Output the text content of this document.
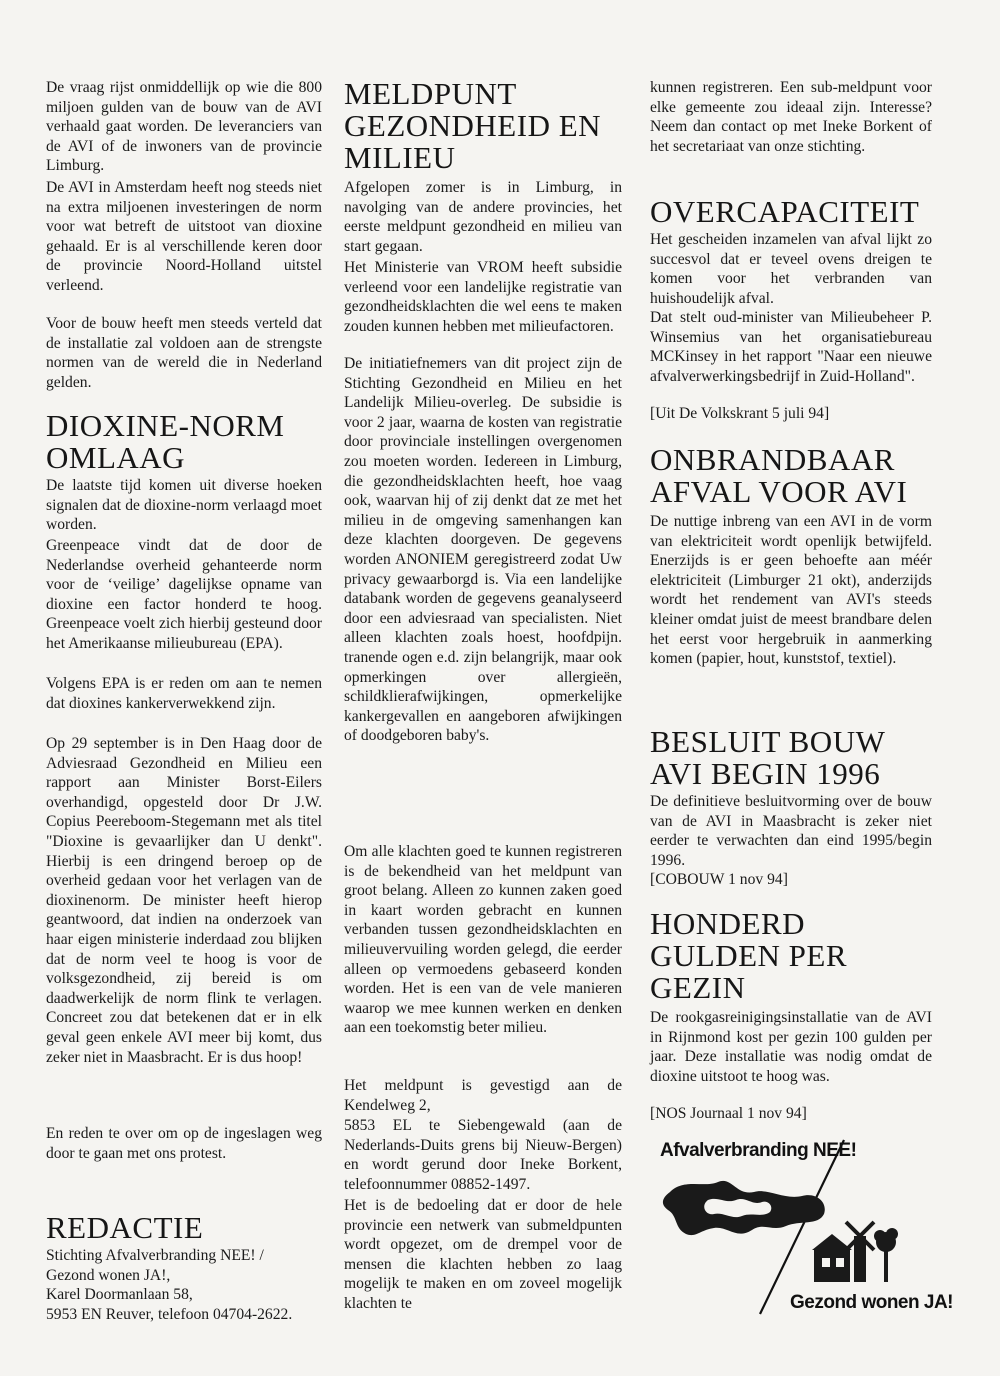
De vraag rijst onmiddellijk op wie die 800 miljoen gulden van de bouw van de AVI verhaald gaat worden. De leveranciers van de AVI of de inwoners van de provincie Limburg.

De AVI in Amsterdam heeft nog steeds niet na extra miljoenen investeringen de norm voor wat betreft de uitstoot van dioxine gehaald. Er is al verschillende keren door de provincie Noord-Holland uitstel verleend.

Voor de bouw heeft men steeds verteld dat de installatie zal voldoen aan de strengste normen van de wereld die in Nederland gelden.

DIOXINE-NORM
OMLAAG

De laatste tijd komen uit diverse hoeken signalen dat de dioxine-norm verlaagd moet worden.

Greenpeace vindt dat de door de Nederlandse overheid gehanteerde norm voor de ‘veilige’ dagelijkse opname van dioxine een factor honderd te hoog. Greenpeace voelt zich hierbij gesteund door het Amerikaanse milieubureau (EPA).

Volgens EPA is er reden om aan te nemen dat dioxines kankerverwekkend zijn.

Op 29 september is in Den Haag door de Adviesraad Gezondheid en Milieu een rapport aan Minister Borst-Eilers overhandigd, opgesteld door Dr J.W. Copius Peereboom-Stegemann met als titel "Dioxine is gevaarlijker dan U denkt". Hierbij is een dringend beroep op de overheid gedaan voor het verlagen van de dioxinenorm. De minister heeft hierop geantwoord, dat indien na onderzoek van haar eigen ministerie inderdaad zou blijken dat de norm veel te hoog is voor de volksgezondheid, zij bereid is om daadwerkelijk de norm flink te verlagen. Concreet zou dat betekenen dat er in elk geval geen enkele AVI meer bij komt, dus zeker niet in Maasbracht. Er is dus hoop!

En reden te over om op de ingeslagen weg door te gaan met ons protest.

REDACTIE

Stichting Afvalverbranding NEE! /

Gezond wonen JA!,

Karel Doormanlaan 58,

5953 EN Reuver, telefoon 04704-2622.

MELDPUNT
GEZONDHEID EN
MILIEU

Afgelopen zomer is in Limburg, in navolging van de andere provincies, het eerste meldpunt gezondheid en milieu van start gegaan.

Het Ministerie van VROM heeft subsidie verleend voor een landelijke registratie van gezondheidsklachten die wel eens te maken zouden kunnen hebben met milieufactoren.

De initiatiefnemers van dit project zijn de Stichting Gezondheid en Milieu en het Landelijk Milieu-overleg. De subsidie is voor 2 jaar, waarna de kosten van registratie door provinciale instellingen overgenomen zou moeten worden. Iedereen in Limburg, die gezondheidsklachten heeft, hoe vaag ook, waarvan hij of zij denkt dat ze met het milieu in de omgeving samenhangen kan deze klachten doorgeven. De gegevens worden ANONIEM geregistreerd zodat Uw privacy gewaarborgd is. Via een landelijke databank worden de gegevens geanalyseerd door een adviesraad van specialisten. Niet alleen klachten zoals hoest, hoofdpijn. tranende ogen e.d. zijn belangrijk, maar ook opmerkingen over allergieën, schildklierafwijkingen, opmerkelijke kankergevallen en aangeboren afwijkingen of doodgeboren baby's.

Om alle klachten goed te kunnen registreren is de bekendheid van het meldpunt van groot belang. Alleen zo kunnen zaken goed in kaart worden gebracht en kunnen verbanden tussen gezondheidsklachten en milieuvervuiling worden gelegd, die eerder alleen op vermoedens gebaseerd konden worden. Het is een van de vele manieren waarop we mee kunnen werken en denken aan een toekomstig beter milieu.

Het meldpunt is gevestigd aan de Kendelweg 2,

5853 EL te Siebengewald (aan de Nederlands-Duits grens bij Nieuw-Bergen) en wordt gerund door Ineke Borkent, telefoonnummer 08852-1497.

Het is de bedoeling dat er door de hele provincie een netwerk van submeldpunten wordt opgezet, om de drempel voor de mensen die klachten hebben zo laag mogelijk te maken en om zoveel mogelijk klachten te

kunnen registreren. Een sub-meldpunt voor elke gemeente zou ideaal zijn. Interesse? Neem dan contact op met Ineke Borkent of het secretariaat van onze stichting.

OVERCAPACITEIT

Het gescheiden inzamelen van afval lijkt zo succesvol dat er teveel ovens dreigen te komen voor het verbranden van huishoudelijk afval.

Dat stelt oud-minister van Milieubeheer P. Winsemius van het organisatiebureau MCKinsey in het rapport "Naar een nieuwe afvalverwerkingsbedrijf in Zuid-Holland".

[Uit De Volkskrant 5 juli 94]

ONBRANDBAAR
AFVAL VOOR AVI

De nuttige inbreng van een AVI in de vorm van elektriciteit wordt openlijk betwijfeld. Enerzijds is er geen behoefte aan méér elektriciteit (Limburger 21 okt), anderzijds wordt het rendement van AVI's steeds kleiner omdat juist de meest brandbare delen het eerst voor hergebruik in aanmerking komen (papier, hout, kunststof, textiel).

BESLUIT BOUW
AVI BEGIN 1996

De definitieve besluitvorming over de bouw van de AVI in Maasbracht is zeker niet eerder te verwachten dan eind 1995/begin 1996.

[COBOUW 1 nov 94]

HONDERD
GULDEN PER
GEZIN

De rookgasreinigingsinstallatie van de AVI in Rijnmond kost per gezin 100 gulden per jaar. Deze installatie was nodig omdat de dioxine uitstoot te hoog was.

[NOS Journaal 1 nov 94]

Afvalverbranding NEE!
Gezond wonen JA!
